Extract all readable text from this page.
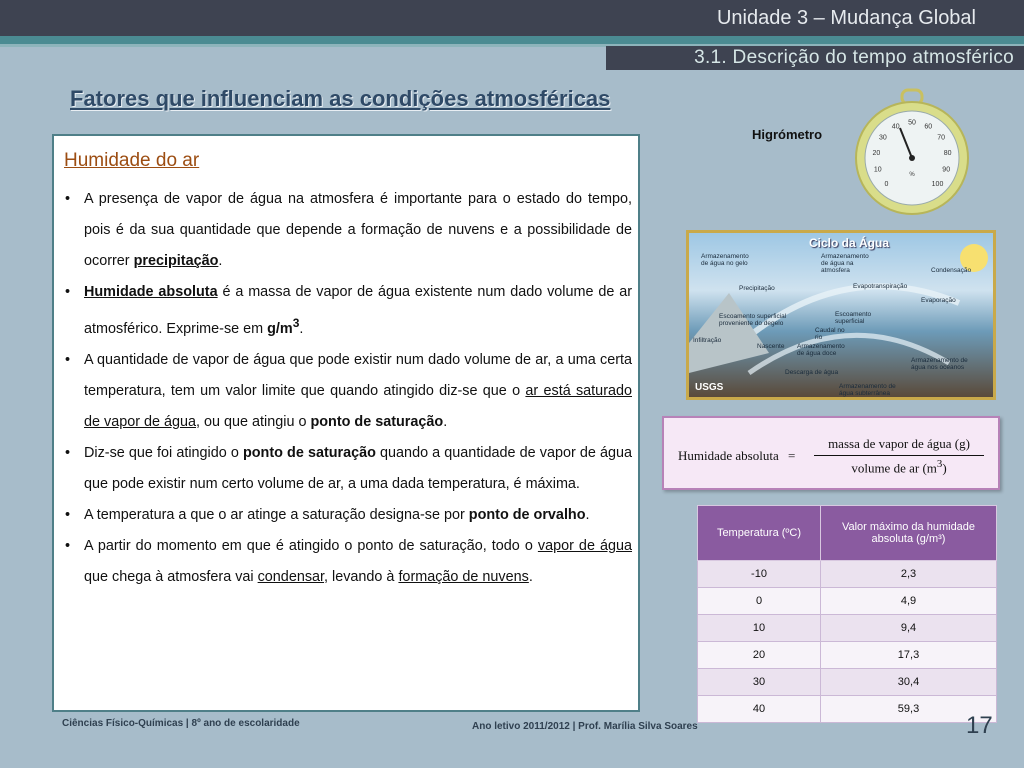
Unidade 3 – Mudança Global
3.1. Descrição do tempo atmosférico
Fatores que influenciam as condições atmosféricas
Humidade do ar
• A presença de vapor de água na atmosfera é importante para o estado do tempo, pois é da sua quantidade que depende a formação de nuvens e a possibilidade de ocorrer precipitação.
• Humidade absoluta é a massa de vapor de água existente num dado volume de ar atmosférico. Exprime-se em $g/m^3$.
• A quantidade de vapor de água que pode existir num dado volume de ar, a uma certa temperatura, tem um valor limite que quando atingido diz-se que o ar está saturado de vapor de água, ou que atingiu o ponto de saturação.
• Diz-se que foi atingido o ponto de saturação quando a quantidade de vapor de água que pode existir num certo volume de ar, a uma dada temperatura, é máxima.
• A temperatura a que o ar atinge a saturação designa-se por ponto de orvalho.
• A partir do momento em que é atingido o ponto de saturação, todo o vapor de água que chega à atmosfera vai condensar, levando à formação de nuvens.
Higrómetro
0
10
20
30
40
50
60
70
80
90
100
%
Ciclo da Água
Armazenamento de água no gelo
Armazenamento de água na atmosfera	Condensação
Precipitação	Evapotranspiração
Evaporação
Escoamento superficial proveniente do degelo
Escoamento superficial
Caudal no rio
Infiltração
Nascente Armazenamento de água doce
Armazenamento de água nos oceanos
Descarga de água
Armazenamento de água subterrânea
USGS
Humidade absoluta =
massa de vapor de água (g)
volume de ar $(m^3)$
Temperatura (ºC)	Valor máximo da humidade absoluta (g/m³)
-10	2,3
0	4,9
10	9,4
20	17,3
30	30,4
40	59,3
Ciências Físico-Químicas | 8º ano de escolaridade	Ano letivo 2011/2012 | Prof. Marília Silva Soares	17
